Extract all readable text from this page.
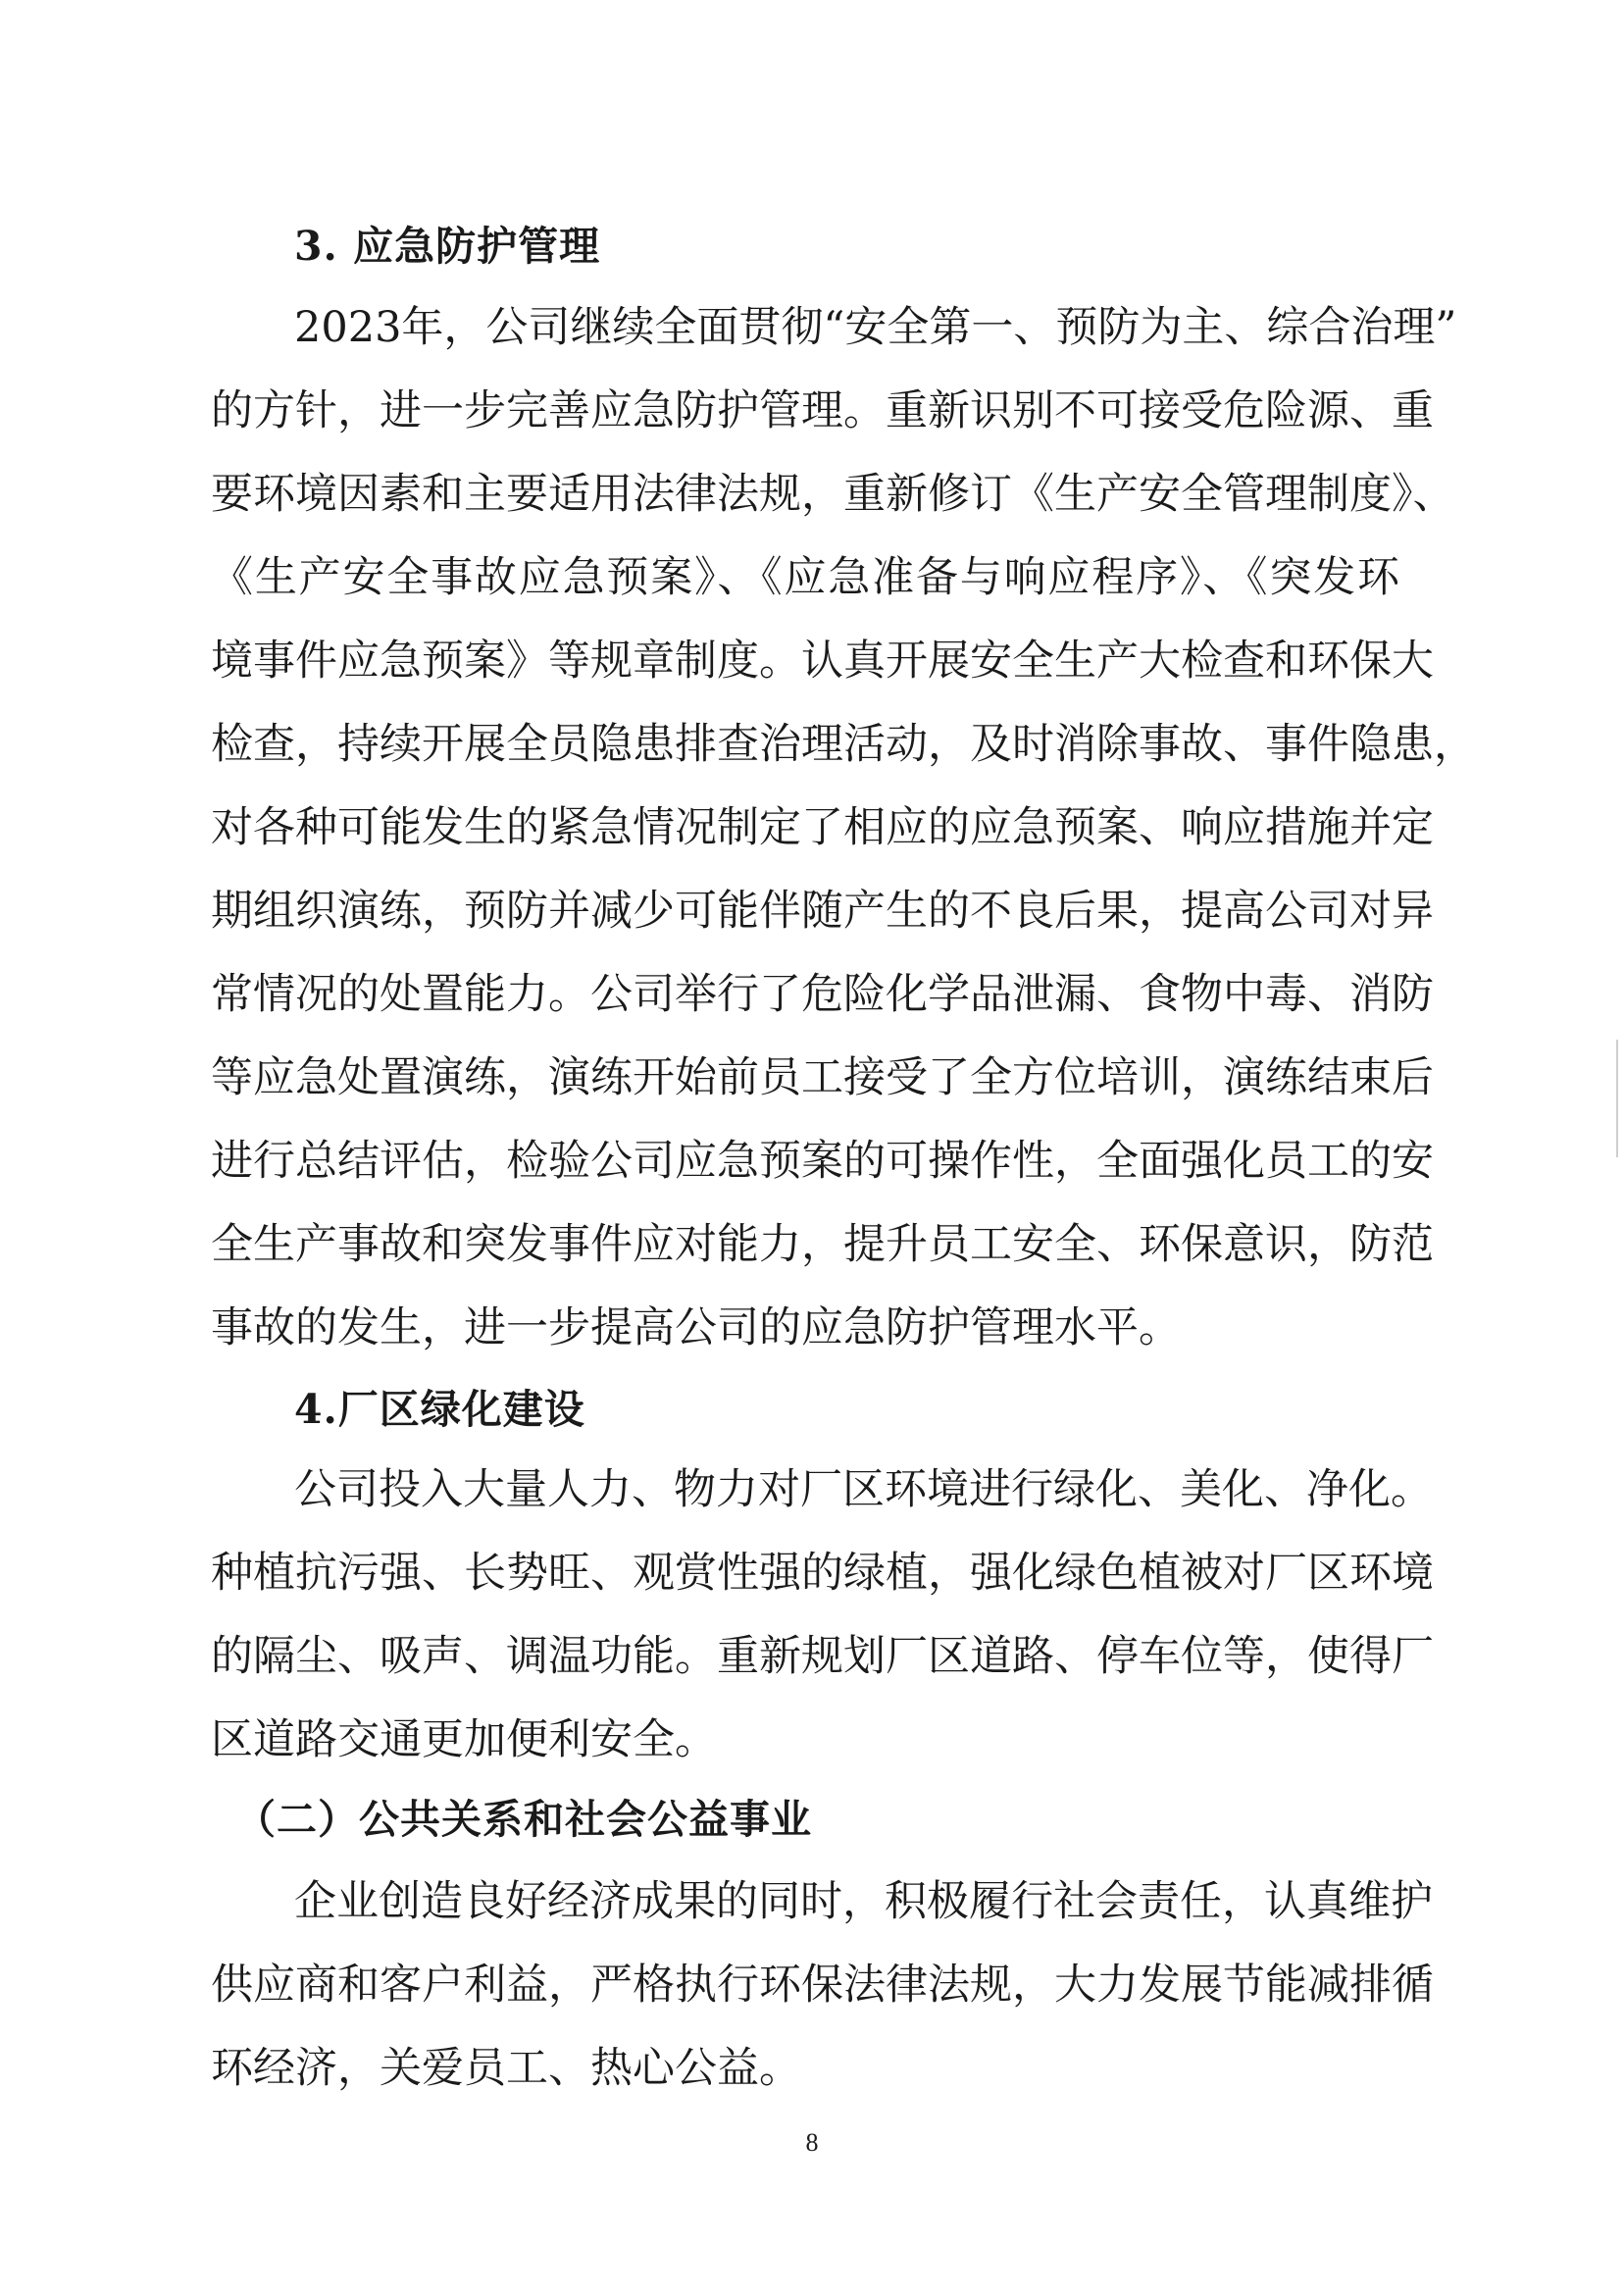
3. 应急防护管理
2023年，公司继续全面贯彻“安全第一、预防为主、综合治理”
的方针，进一步完善应急防护管理。重新识别不可接受危险源、重
要环境因素和主要适用法律法规，重新修订《生产安全管理制度》、
《生产安全事故应急预案》、《应急准备与响应程序》、《突发环
境事件应急预案》等规章制度。认真开展安全生产大检查和环保大
检查，持续开展全员隐患排查治理活动，及时消除事故、事件隐患，
对各种可能发生的紧急情况制定了相应的应急预案、响应措施并定
期组织演练，预防并减少可能伴随产生的不良后果，提高公司对异
常情况的处置能力。公司举行了危险化学品泄漏、食物中毒、消防
等应急处置演练，演练开始前员工接受了全方位培训，演练结束后
进行总结评估，检验公司应急预案的可操作性，全面强化员工的安
全生产事故和突发事件应对能力，提升员工安全、环保意识，防范
事故的发生，进一步提高公司的应急防护管理水平。
4.厂区绿化建设
公司投入大量人力、物力对厂区环境进行绿化、美化、净化。
种植抗污强、长势旺、观赏性强的绿植，强化绿色植被对厂区环境
的隔尘、吸声、调温功能。重新规划厂区道路、停车位等，使得厂
区道路交通更加便利安全。
（二）公共关系和社会公益事业
企业创造良好经济成果的同时，积极履行社会责任，认真维护
供应商和客户利益，严格执行环保法律法规，大力发展节能减排循
环经济，关爱员工、热心公益。
8
